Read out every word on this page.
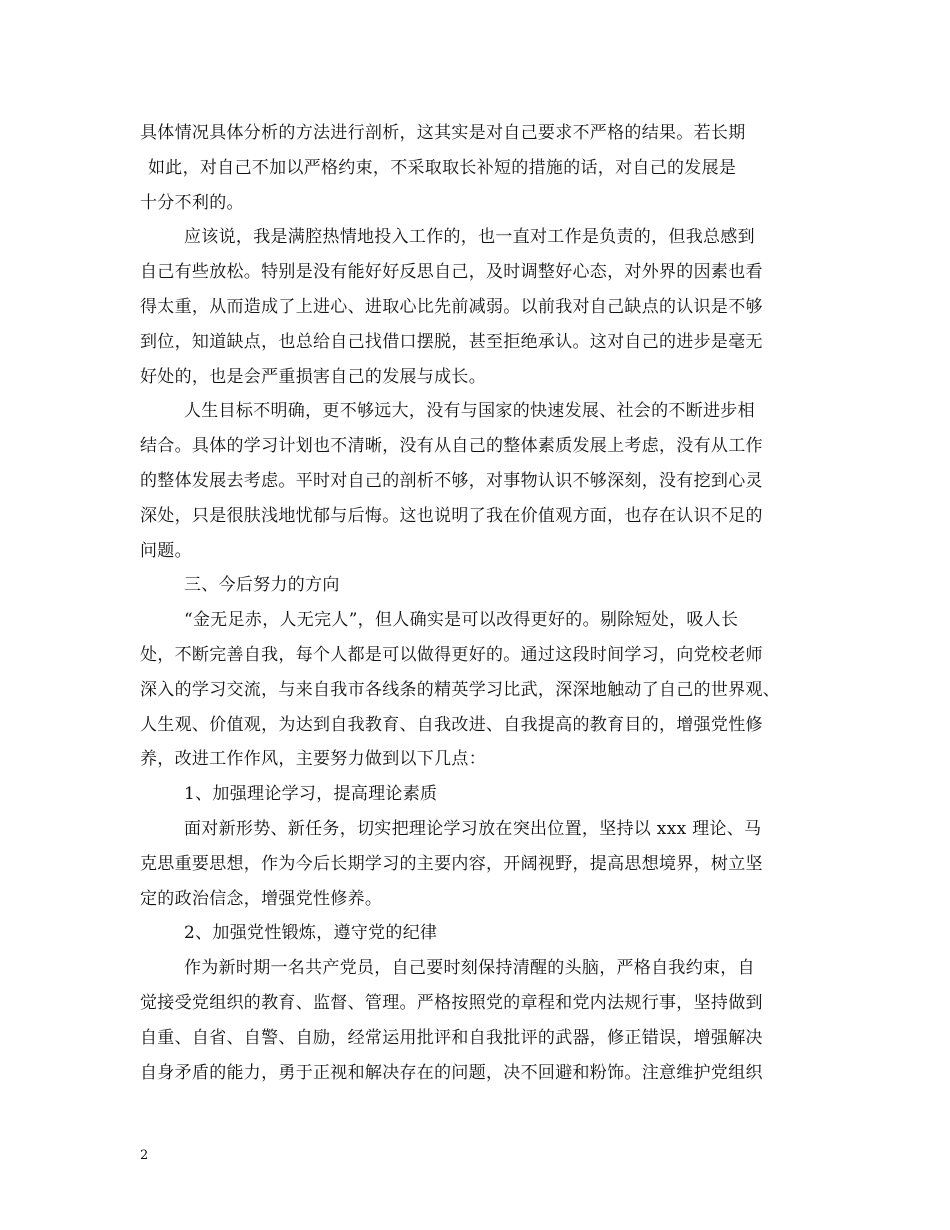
具体情况具体分析的方法进行剖析，这其实是对自己要求不严格的结果。若长期
如此，对自己不加以严格约束，不采取取长补短的措施的话，对自己的发展是
十分不利的。
应该说，我是满腔热情地投入工作的，也一直对工作是负责的，但我总感到
自己有些放松。特别是没有能好好反思自己，及时调整好心态，对外界的因素也看
得太重，从而造成了上进心、进取心比先前减弱。以前我对自己缺点的认识是不够
到位，知道缺点，也总给自己找借口摆脱，甚至拒绝承认。这对自己的进步是毫无
好处的，也是会严重损害自己的发展与成长。
人生目标不明确，更不够远大，没有与国家的快速发展、社会的不断进步相
结合。具体的学习计划也不清晰，没有从自己的整体素质发展上考虑，没有从工作
的整体发展去考虑。平时对自己的剖析不够，对事物认识不够深刻，没有挖到心灵
深处，只是很肤浅地忧郁与后悔。这也说明了我在价值观方面，也存在认识不足的
问题。
三、今后努力的方向
“金无足赤，人无完人”，但人确实是可以改得更好的。剔除短处，吸人长
处，不断完善自我，每个人都是可以做得更好的。通过这段时间学习，向党校老师
深入的学习交流，与来自我市各线条的精英学习比武，深深地触动了自己的世界观、
人生观、价值观，为达到自我教育、自我改进、自我提高的教育目的，增强党性修
养，改进工作作风，主要努力做到以下几点：
1、加强理论学习，提高理论素质
面对新形势、新任务，切实把理论学习放在突出位置，坚持以 xxx 理论、马
克思重要思想，作为今后长期学习的主要内容，开阔视野，提高思想境界，树立坚
定的政治信念，增强党性修养。
2、加强党性锻炼，遵守党的纪律
作为新时期一名共产党员，自己要时刻保持清醒的头脑，严格自我约束，自
觉接受党组织的教育、监督、管理。严格按照党的章程和党内法规行事，坚持做到
自重、自省、自警、自励，经常运用批评和自我批评的武器，修正错误，增强解决
自身矛盾的能力，勇于正视和解决存在的问题，决不回避和粉饰。注意维护党组织
2
